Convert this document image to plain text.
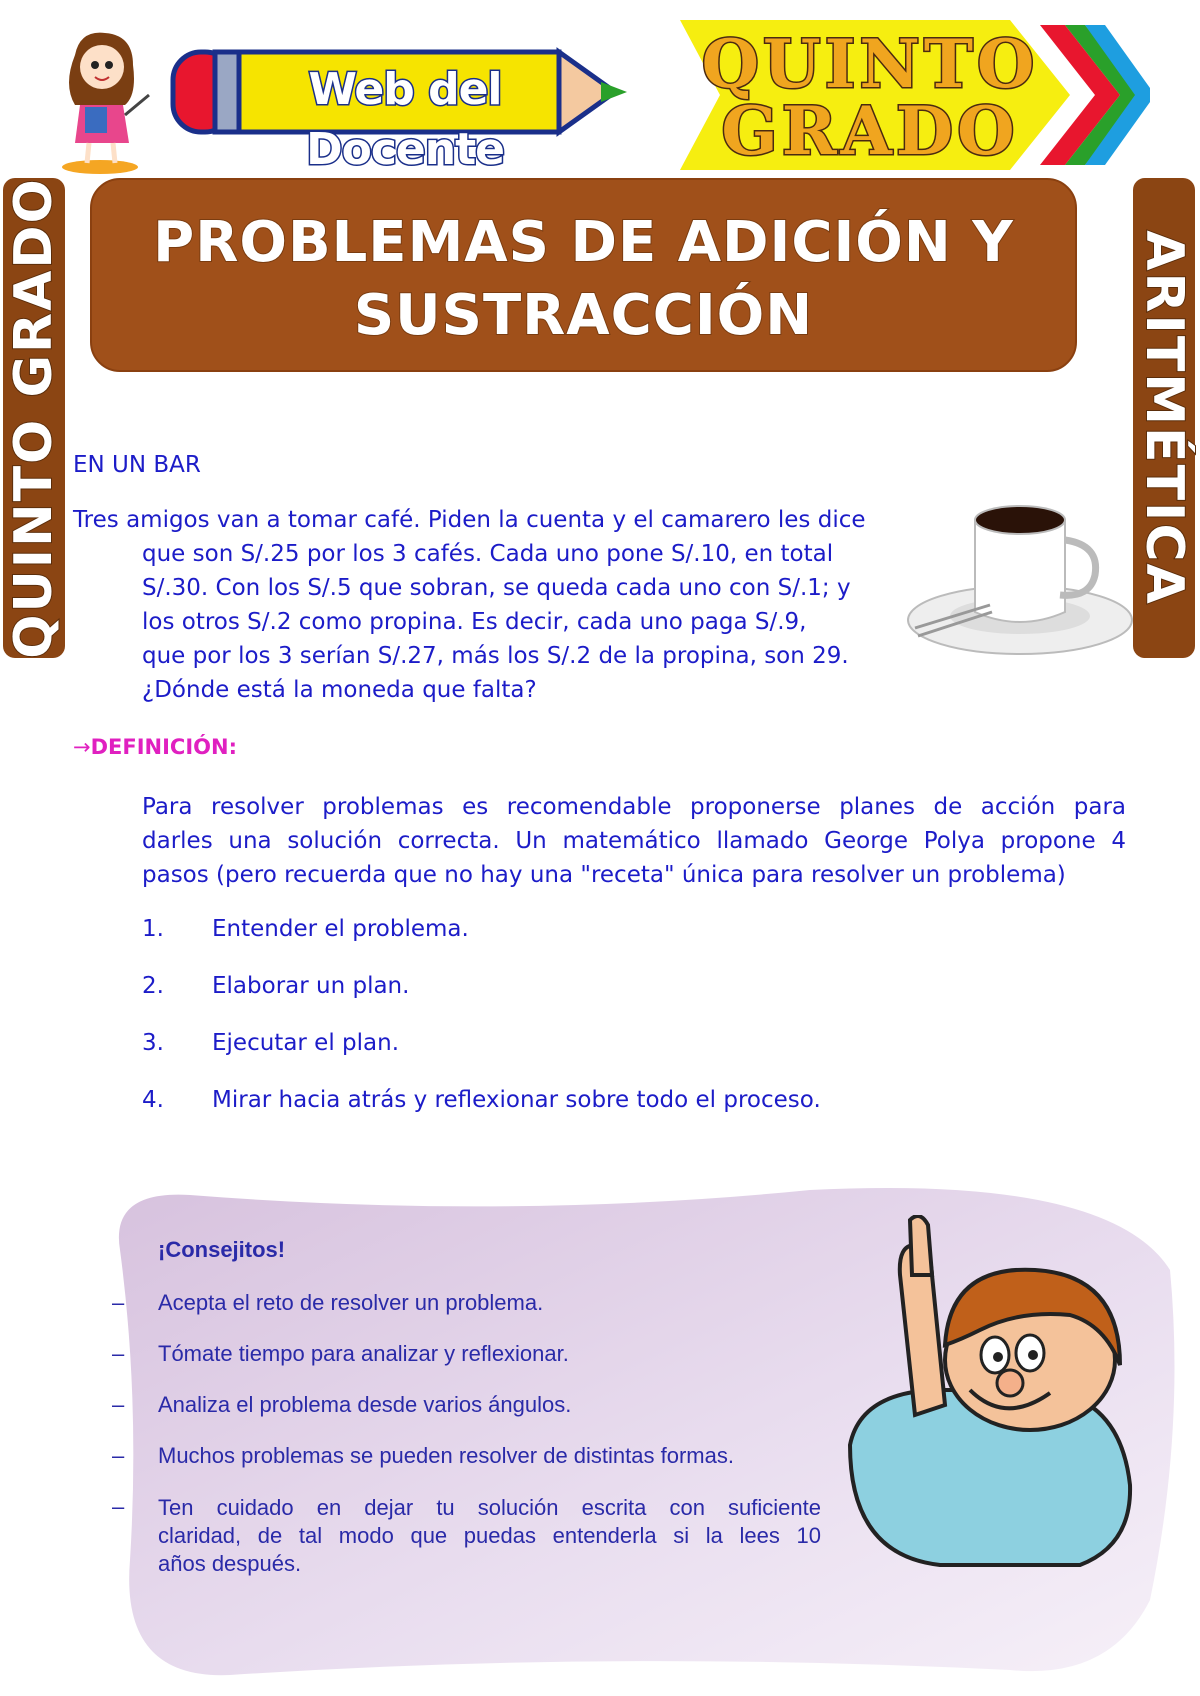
Web del Docente
QUINTO
GRADO
QUINTO GRADO	ARITMÉTICA
PROBLEMAS DE ADICIÓN Y
SUSTRACCIÓN
EN UN BAR
Tres amigos van a tomar café. Piden la cuenta y el camarero les dice
que son S/.25 por los 3 cafés. Cada uno pone S/.10, en total
S/.30. Con los S/.5 que sobran, se queda cada uno con S/.1; y
los otros S/.2 como propina. Es decir, cada uno paga S/.9,
que por los 3 serían S/.27, más los S/.2 de la propina, son 29.
¿Dónde está la moneda que falta?
→DEFINICIÓN:
Para resolver problemas es recomendable proponerse planes de acción para
darles una solución correcta. Un matemático llamado George Polya propone 4
pasos (pero recuerda que no hay una "receta" única para resolver un problema)
1. Entender el problema.
2. Elaborar un plan.
3. Ejecutar el plan.
4. Mirar hacia atrás y reflexionar sobre todo el proceso.
¡Consejitos!
– Acepta el reto de resolver un problema.
– Tómate tiempo para analizar y reflexionar.
– Analiza el problema desde varios ángulos.
– Muchos problemas se pueden resolver de distintas formas.
– Ten cuidado en dejar tu solución escrita con suficiente
claridad, de tal modo que puedas entenderla si la lees 10
años después.
